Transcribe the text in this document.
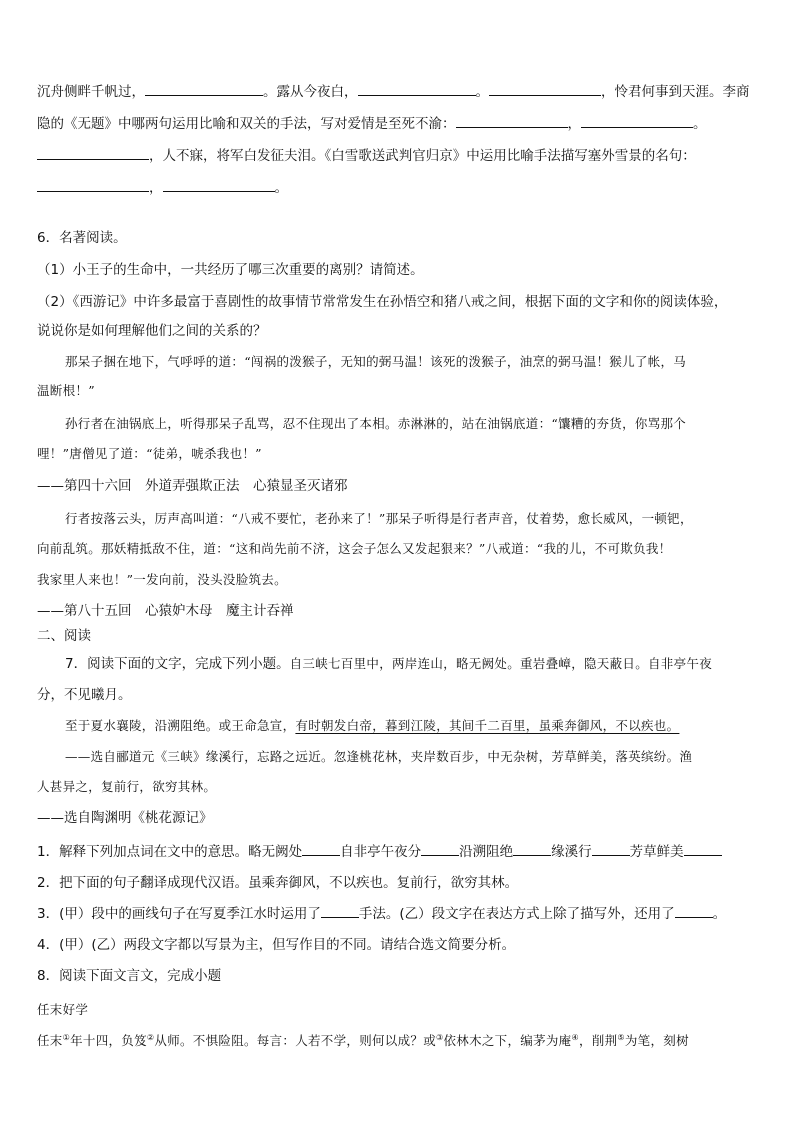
沉舟侧畔千帆过，	。露从今夜白，	。	，怜君何事到天涯。李商
隐的《无题》中哪两句运用比喻和双关的手法，写对爱情是至死不渝：	，	。
，人不寐，将军白发征夫泪。《白雪歌送武判官归京》中运用比喻手法描写塞外雪景的名句：
，	。
6．名著阅读。
（1）小王子的生命中，一共经历了哪三次重要的离别？请简述。
（2）《西游记》中许多最富于喜剧性的故事情节常常发生在孙悟空和猪八戒之间，根据下面的文字和你的阅读体验，
说说你是如何理解他们之间的关系的？
那呆子捆在地下，气呼呼的道：“闯祸的泼猴子，无知的弼马温！该死的泼猴子，油烹的弼马温！猴儿了帐，马
温断根！”
孙行者在油锅底上，听得那呆子乱骂，忍不住现出了本相。赤淋淋的，站在油锅底道：“馕糟的夯货，你骂那个
哩！”唐僧见了道：“徒弟，唬杀我也！”
——第四十六回　外道弄强欺正法　心猿显圣灭诸邪
行者按落云头，厉声高叫道：“八戒不要忙，老孙来了！”那呆子听得是行者声音，仗着势，愈长威风，一顿钯，
向前乱筑。那妖精抵敌不住，道：“这和尚先前不济，这会子怎么又发起狠来？”八戒道：“我的儿，不可欺负我！
我家里人来也！”一发向前，没头没脸筑去。
——第八十五回　心猿妒木母　魔主计吞禅
二、阅读
7．阅读下面的文字，完成下列小题。自三峡七百里中，两岸连山，略无阙处。重岩叠嶂，隐天蔽日。自非亭午夜
分，不见曦月。
至于夏水襄陵，沿溯阻绝。或王命急宣，有时朝发白帝，暮到江陵，其间千二百里，虽乘奔御风，不以疾也。
——选自郦道元《三峡》缘溪行，忘路之远近。忽逢桃花林，夹岸数百步，中无杂树，芳草鲜美，落英缤纷。渔
人甚异之，复前行，欲穷其林。
——选自陶渊明《桃花源记》
1．解释下列加点词在文中的意思。略无阙处	自非亭午夜分	沿溯阻绝	缘溪行	芳草鲜美
2．把下面的句子翻译成现代汉语。虽乘奔御风，不以疾也。复前行，欲穷其林。
3．(甲）段中的画线句子在写夏季江水时运用了	手法。(乙）段文字在表达方式上除了描写外，还用了	。
4．(甲）(乙）两段文字都以写景为主，但写作目的不同。请结合选文简要分析。
8．阅读下面文言文，完成小题
任末好学
任末①年十四，负笈②从师。不惧险阻。每言：人若不学，则何以成？或③依林木之下，编茅为庵④，削荆⑤为笔，刻树
